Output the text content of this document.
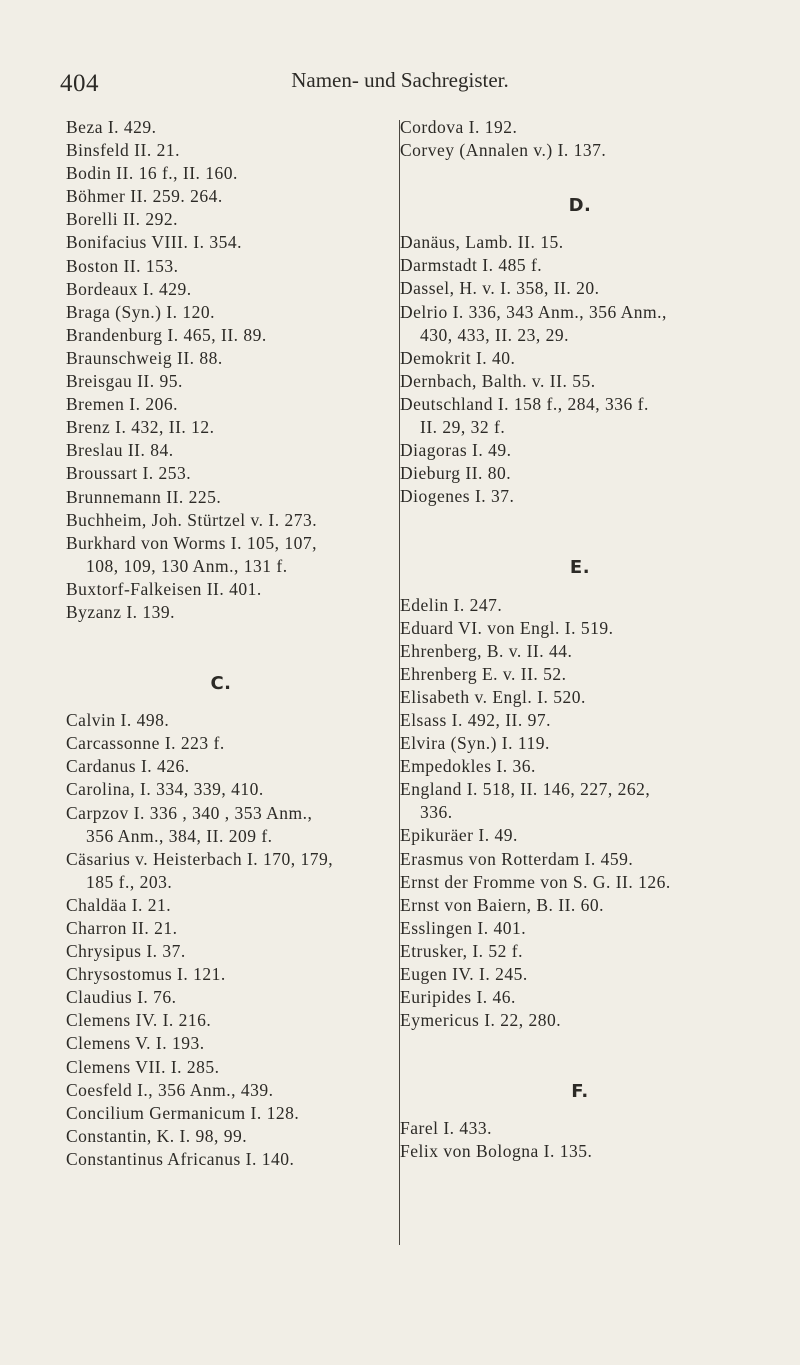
404	Namen- und Sachregister.
Beza I. 429.
Binsfeld II. 21.
Bodin II. 16 f., II. 160.
Böhmer II. 259. 264.
Borelli II. 292.
Bonifacius VIII. I. 354.
Boston II. 153.
Bordeaux I. 429.
Braga (Syn.) I. 120.
Brandenburg I. 465, II. 89.
Braunschweig II. 88.
Breisgau II. 95.
Bremen I. 206.
Brenz I. 432, II. 12.
Breslau II. 84.
Broussart I. 253.
Brunnemann II. 225.
Buchheim, Joh. Stürtzel v. I. 273.
Burkhard von Worms I. 105, 107,
108, 109, 130 Anm., 131 f.
Buxtorf-Falkeisen II. 401.
Byzanz I. 139.
C.
Calvin I. 498.
Carcassonne I. 223 f.
Cardanus I. 426.
Carolina, I. 334, 339, 410.
Carpzov I. 336 , 340 , 353 Anm.,
356 Anm., 384, II. 209 f.
Cäsarius v. Heisterbach I. 170, 179,
185 f., 203.
Chaldäa I. 21.
Charron II. 21.
Chrysipus I. 37.
Chrysostomus I. 121.
Claudius I. 76.
Clemens IV. I. 216.
Clemens V. I. 193.
Clemens VII. I. 285.
Coesfeld I., 356 Anm., 439.
Concilium Germanicum I. 128.
Constantin, K. I. 98, 99.
Constantinus Africanus I. 140.
Cordova I. 192.
Corvey (Annalen v.) I. 137.
D.
Danäus, Lamb. II. 15.
Darmstadt I. 485 f.
Dassel, H. v. I. 358, II. 20.
Delrio I. 336, 343 Anm., 356 Anm.,
430, 433, II. 23, 29.
Demokrit I. 40.
Dernbach, Balth. v. II. 55.
Deutschland I. 158 f., 284, 336 f.
II. 29, 32 f.
Diagoras I. 49.
Dieburg II. 80.
Diogenes I. 37.
E.
Edelin I. 247.
Eduard VI. von Engl. I. 519.
Ehrenberg, B. v. II. 44.
Ehrenberg E. v. II. 52.
Elisabeth v. Engl. I. 520.
Elsass I. 492, II. 97.
Elvira (Syn.) I. 119.
Empedokles I. 36.
England I. 518, II. 146, 227, 262,
336.
Epikuräer I. 49.
Erasmus von Rotterdam I. 459.
Ernst der Fromme von S. G. II. 126.
Ernst von Baiern, B. II. 60.
Esslingen I. 401.
Etrusker, I. 52 f.
Eugen IV. I. 245.
Euripides I. 46.
Eymericus I. 22, 280.
F.
Farel I. 433.
Felix von Bologna I. 135.
